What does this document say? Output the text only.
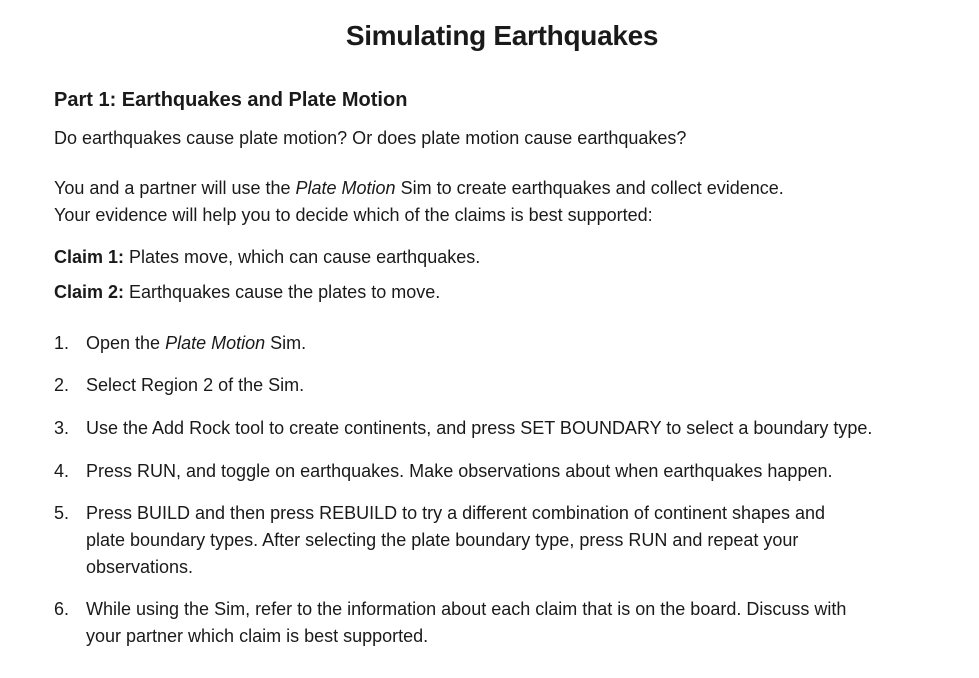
Simulating Earthquakes
Part 1: Earthquakes and Plate Motion

Do earthquakes cause plate motion? Or does plate motion cause earthquakes?

You and a partner will use the Plate Motion Sim to create earthquakes and collect evidence.

Your evidence will help you to decide which of the claims is best supported:

Claim 1: Plates move, which can cause earthquakes.

Claim 2: Earthquakes cause the plates to move.

1. Open the Plate Motion Sim.
2. Select Region 2 of the Sim.
3. Use the Add Rock tool to create continents, and press SET BOUNDARY to select a boundary type.
4. Press RUN, and toggle on earthquakes. Make observations about when earthquakes happen.
5. Press BUILD and then press REBUILD to try a different combination of continent shapes and
plate boundary types. After selecting the plate boundary type, press RUN and repeat your
observations.
6. While using the Sim, refer to the information about each claim that is on the board. Discuss with
your partner which claim is best supported.
